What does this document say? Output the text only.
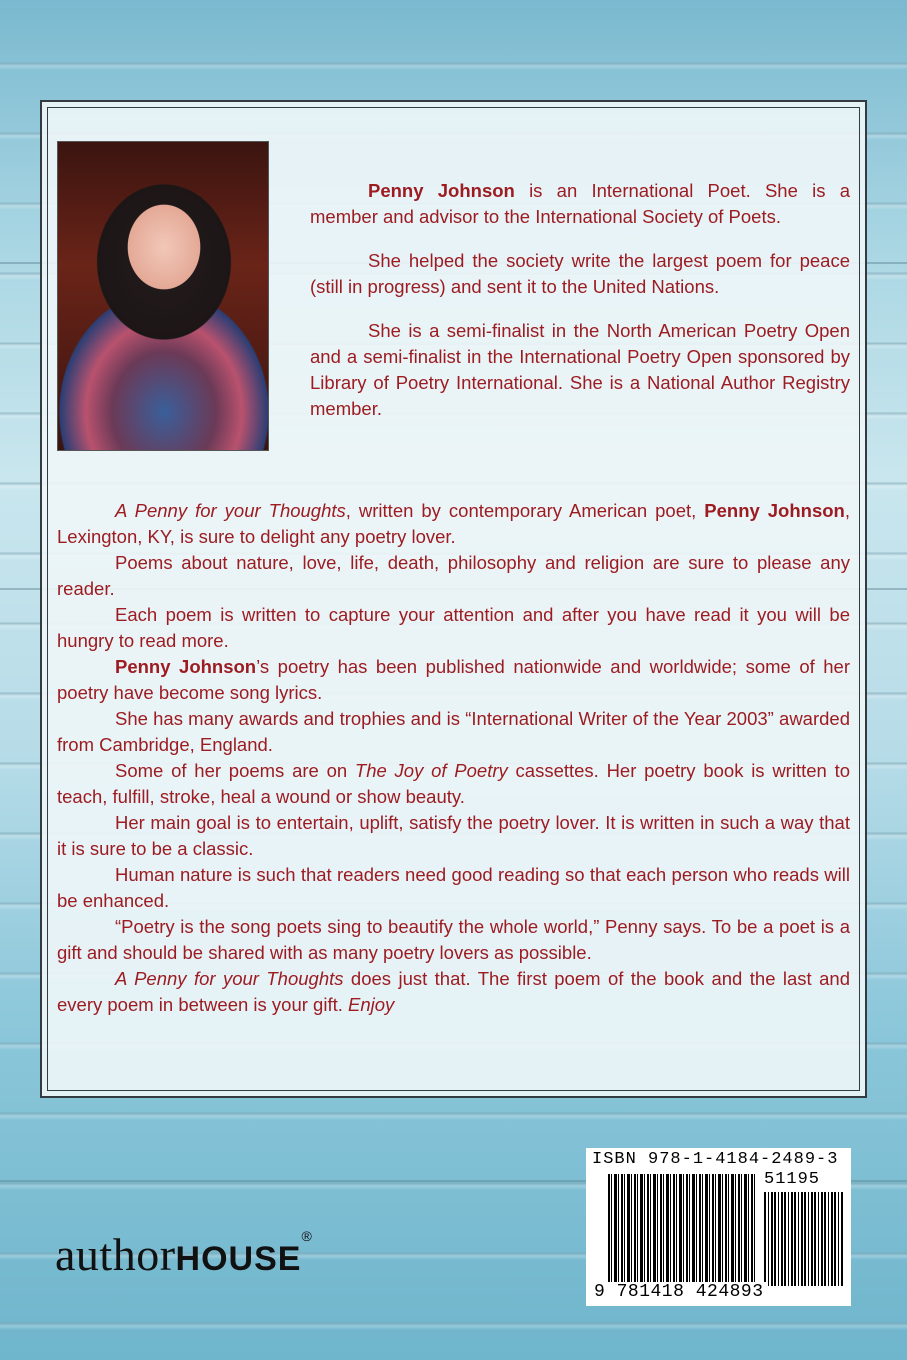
Penny Johnson is an International Poet. She is a member and advisor to the International Society of Poets.

She helped the society write the largest poem for peace (still in progress) and sent it to the United Nations.

She is a semi-finalist in the North American Poetry Open and a semi-finalist in the International Poetry Open sponsored by Library of Poetry International. She is a National Author Registry member.

A Penny for your Thoughts, written by contemporary American poet, Penny Johnson, Lexington, KY, is sure to delight any poetry lover.

Poems about nature, love, life, death, philosophy and religion are sure to please any reader.

Each poem is written to capture your attention and after you have read it you will be hungry to read more.

Penny Johnson’s poetry has been published nationwide and worldwide; some of her poetry have become song lyrics.

She has many awards and trophies and is “International Writer of the Year 2003” awarded from Cambridge, England.

Some of her poems are on The Joy of Poetry cassettes. Her poetry book is written to teach, fulfill, stroke, heal a wound or show beauty.

Her main goal is to entertain, uplift, satisfy the poetry lover. It is written in such a way that it is sure to be a classic.

Human nature is such that readers need good reading so that each person who reads will be enhanced.

“Poetry is the song poets sing to beautify the whole world,” Penny says. To be a poet is a gift and should be shared with as many poetry lovers as possible.

A Penny for your Thoughts does just that. The first poem of the book and the last and every poem in between is your gift. Enjoy

authorHOUSE®
ISBN 978-1-4184-2489-3
51195
9 781418 424893
